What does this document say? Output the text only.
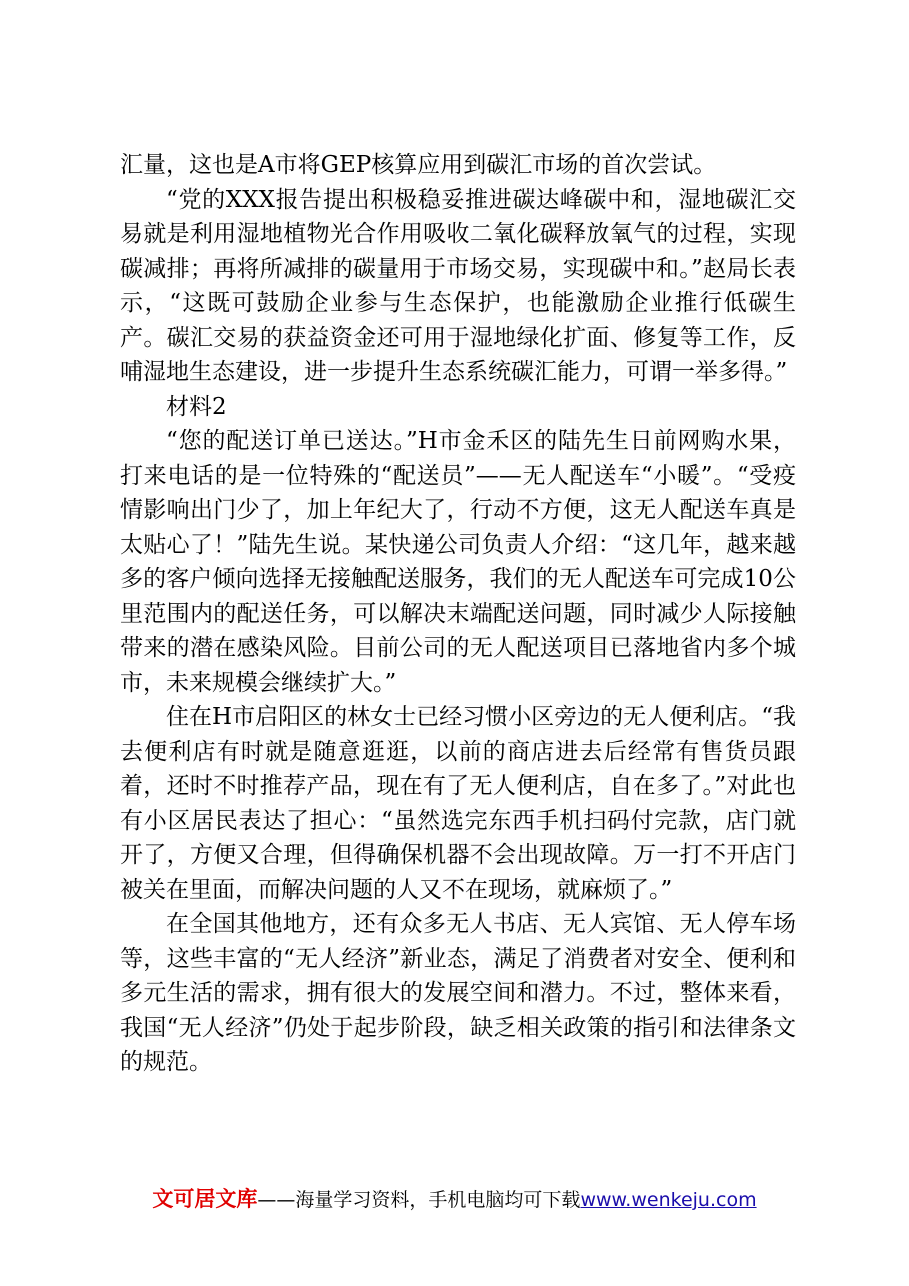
汇量，这也是A市将GEP核算应用到碳汇市场的首次尝试。

“党的XXX报告提出积极稳妥推进碳达峰碳中和，湿地碳汇交易就是利用湿地植物光合作用吸收二氧化碳释放氧气的过程，实现碳减排；再将所减排的碳量用于市场交易，实现碳中和。”赵局长表示，“这既可鼓励企业参与生态保护，也能激励企业推行低碳生产。碳汇交易的获益资金还可用于湿地绿化扩面、修复等工作，反哺湿地生态建设，进一步提升生态系统碳汇能力，可谓一举多得。”

材料2

“您的配送订单已送达。”H市金禾区的陆先生日前网购水果，打来电话的是一位特殊的“配送员”——无人配送车“小暖”。“受疫情影响出门少了，加上年纪大了，行动不方便，这无人配送车真是太贴心了！”陆先生说。某快递公司负责人介绍：“这几年，越来越多的客户倾向选择无接触配送服务，我们的无人配送车可完成10公里范围内的配送任务，可以解决末端配送问题，同时减少人际接触带来的潜在感染风险。目前公司的无人配送项目已落地省内多个城市，未来规模会继续扩大。”

住在H市启阳区的林女士已经习惯小区旁边的无人便利店。“我去便利店有时就是随意逛逛，以前的商店进去后经常有售货员跟着，还时不时推荐产品，现在有了无人便利店，自在多了。”对此也有小区居民表达了担心：“虽然选完东西手机扫码付完款，店门就开了，方便又合理，但得确保机器不会出现故障。万一打不开店门被关在里面，而解决问题的人又不在现场，就麻烦了。”

在全国其他地方，还有众多无人书店、无人宾馆、无人停车场等，这些丰富的“无人经济”新业态，满足了消费者对安全、便利和多元生活的需求，拥有很大的发展空间和潜力。不过，整体来看，我国“无人经济”仍处于起步阶段，缺乏相关政策的指引和法律条文的规范。

文可居文库——海量学习资料，手机电脑均可下载www.wenkeju.com
